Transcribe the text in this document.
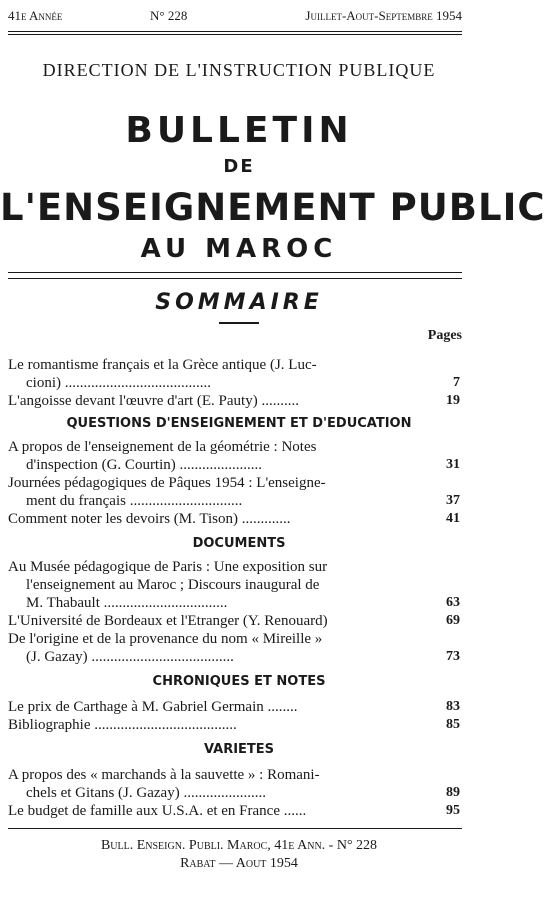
41e Année	N° 228	Juillet-Aout-Septembre 1954
DIRECTION DE L'INSTRUCTION PUBLIQUE
BULLETIN
DE
L'ENSEIGNEMENT PUBLIC
AU MAROC
SOMMAIRE
Pages
Le romantisme français et la Grèce antique (J. Luc-
cioni) .......................................	7
L'angoisse devant l'œuvre d'art (E. Pauty) ..........	19
QUESTIONS D'ENSEIGNEMENT ET D'EDUCATION
A propos de l'enseignement de la géométrie : Notes
d'inspection (G. Courtin) ......................	31
Journées pédagogiques de Pâques 1954 : L'enseigne-
ment du français ..............................	37
Comment noter les devoirs (M. Tison) .............	41
DOCUMENTS
Au Musée pédagogique de Paris : Une exposition sur
l'enseignement au Maroc ; Discours inaugural de
M. Thabault .................................	63
L'Université de Bordeaux et l'Etranger (Y. Renouard)	69
De l'origine et de la provenance du nom « Mireille »
(J. Gazay) ......................................	73
CHRONIQUES ET NOTES
Le prix de Carthage à M. Gabriel Germain ........	83
Bibliographie ......................................	85
VARIETES
A propos des « marchands à la sauvette » : Romani-
chels et Gitans (J. Gazay) ......................	89
Le budget de famille aux U.S.A. et en France ......	95
Bull. Enseign. Publi. Maroc, 41e Ann. - N° 228
Rabat — Aout 1954
